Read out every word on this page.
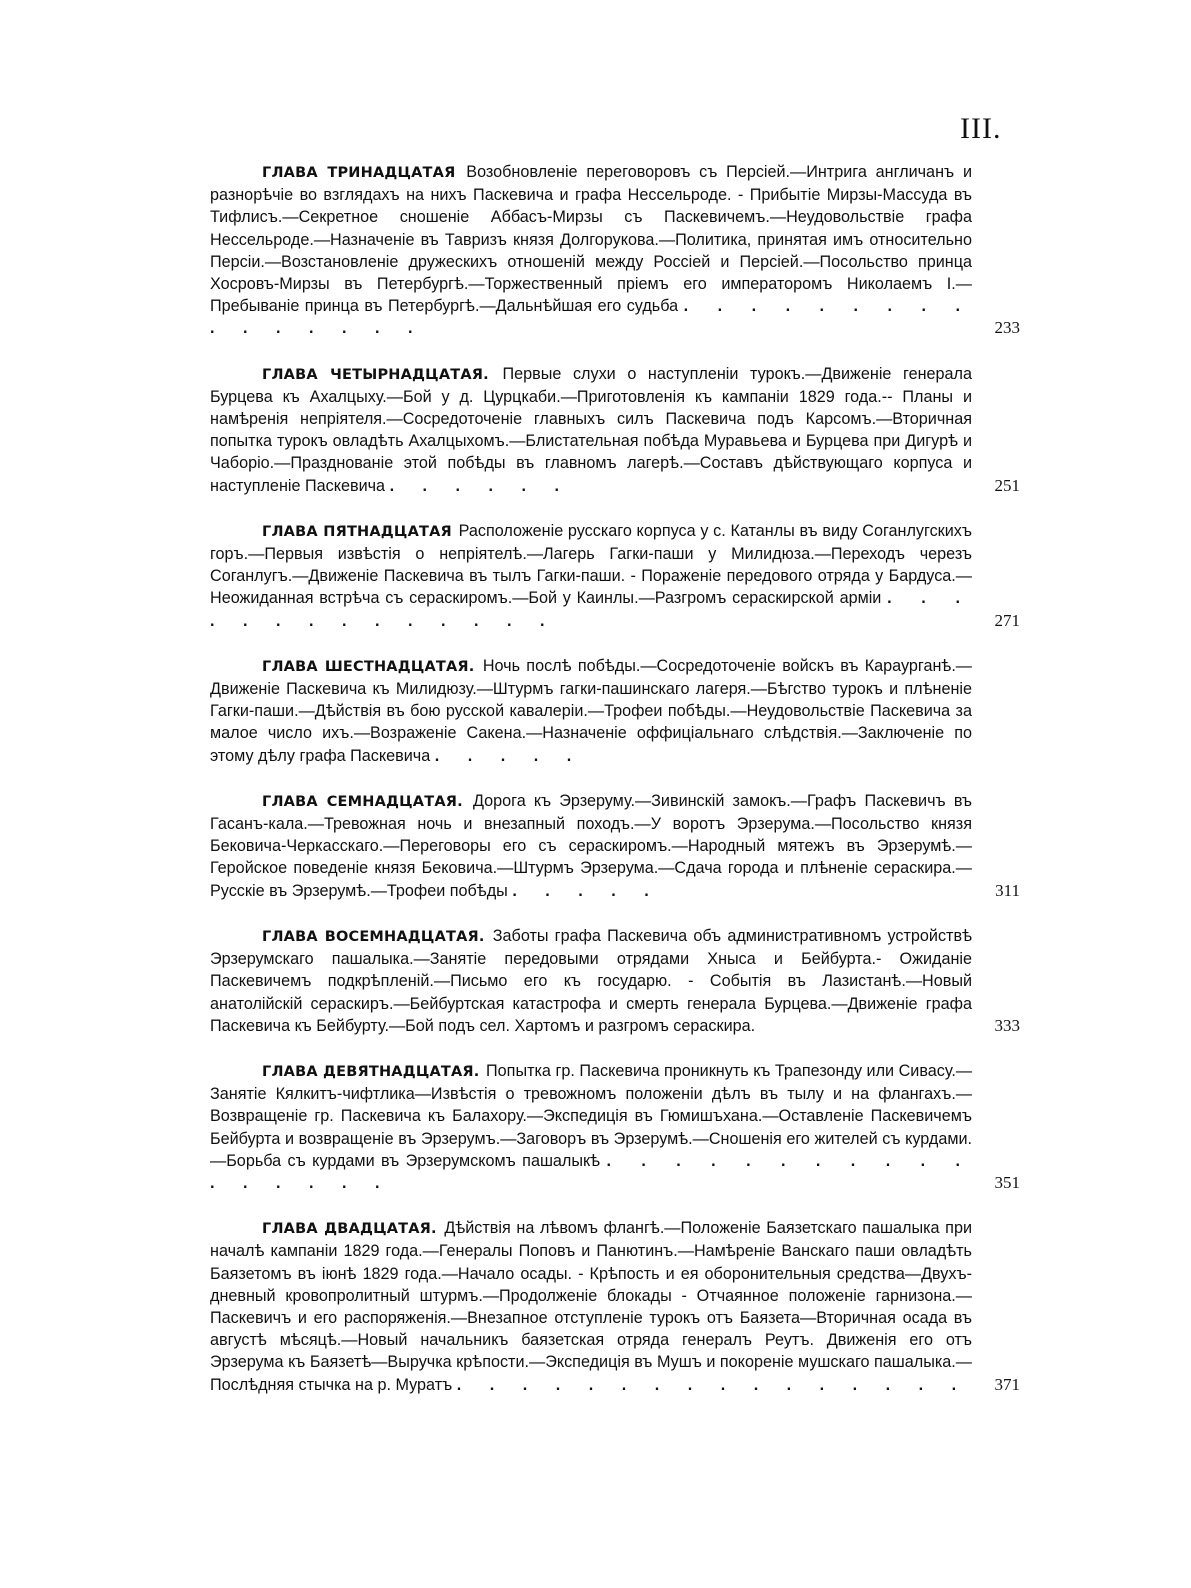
III.

ГЛАВА ТРИНАДЦАТАЯ Возобновленіе переговоровъ съ Персіей.—Интрига англичанъ и разнорѣчіе во взглядахъ на нихъ Паскевича и графа Нессельроде. - Прибытіе Мирзы-Массуда въ Тифлисъ.—Секретное сношеніе Аббасъ-Мирзы съ Паскевичемъ.—Неудовольствіе графа Нессельроде.—Назначеніе въ Тавризъ князя Долгорукова.—Политика, принятая имъ относительно Персіи.—Возстановленіе дружескихъ отношеній между Россіей и Персіей.—Посольство принца Хосровъ-Мирзы въ Петербургѣ.—Торжественный пріемъ его императоромъ Николаемъ I.—Пребываніе принца въ Петербургѣ.—Дальнѣйшая его судьба . . . . . . . . . . . . . . . .	233

ГЛАВА ЧЕТЫРНАДЦАТАЯ. Первые слухи о наступленіи турокъ.—Движеніе генерала Бурцева къ Ахалцыху.—Бой у д. Цурцкаби.—Приготовленія къ кампаніи 1829 года.-- Планы и намѣренія непріятеля.—Сосредоточеніе главныхъ силъ Паскевича подъ Карсомъ.—Вторичная попытка турокъ овладѣть Ахалцыхомъ.—Блистательная побѣда Муравьева и Бурцева при Дигурѣ и Чаборіо.—Празднованіе этой побѣды въ главномъ лагерѣ.—Составъ дѣйствующаго корпуса и наступленіе Паскевича . . . . . .	251

ГЛАВА ПЯТНАДЦАТАЯ Расположеніе русскаго корпуса у с. Катанлы въ виду Соганлугскихъ горъ.—Первыя извѣстія о непріятелѣ.—Лагерь Гагки-паши у Милидюза.—Переходъ черезъ Соганлугъ.—Движеніе Паскевича въ тылъ Гагки-паши. - Пораженіе передового отряда у Бардуса.—Неожиданная встрѣча съ сераскиромъ.—Бой у Каинлы.—Разгромъ сераскирской арміи . . . . . . . . . . . . . .	271

ГЛАВА ШЕСТНАДЦАТАЯ. Ночь послѣ побѣды.—Сосредоточеніе войскъ въ Караурганѣ.—Движеніе Паскевича къ Милидюзу.—Штурмъ гагки-пашинскаго лагеря.—Бѣгство турокъ и плѣненіе Гагки-паши.—Дѣйствія въ бою русской кавалеріи.—Трофеи побѣды.—Неудовольствіе Паскевича за малое число ихъ.—Возраженіе Сакена.—Назначеніе оффиціальнаго слѣдствія.—Заключеніе по этому дѣлу графа Паскевича . . . . .

ГЛАВА СЕМНАДЦАТАЯ. Дорога къ Эрзеруму.—Зивинскій замокъ.—Графъ Паскевичъ въ Гасанъ-кала.—Тревожная ночь и внезапный походъ.—У воротъ Эрзерума.—Посольство князя Бековича-Черкасскаго.—Переговоры его съ сераскиромъ.—Народный мятежъ въ Эрзерумѣ.—Геройское поведеніе князя Бековича.—Штурмъ Эрзерума.—Сдача города и плѣненіе сераскира.—Русскіе въ Эрзерумѣ.—Трофеи побѣды . . . . .	311

ГЛАВА ВОСЕМНАДЦАТАЯ. Заботы графа Паскевича объ административномъ устройствѣ Эрзерумскаго пашалыка.—Занятіе передовыми отрядами Хныса и Бейбурта.- Ожиданіе Паскевичемъ подкрѣпленій.—Письмо его къ государю. - Событія въ Лазистанѣ.—Новый анатолійскій сераскиръ.—Бейбуртская катастрофа и смерть генерала Бурцева.—Движеніе графа Паскевича къ Бейбурту.—Бой подъ сел. Хартомъ и разгромъ сераскира.	333

ГЛАВА ДЕВЯТНАДЦАТАЯ. Попытка гр. Паскевича проникнуть къ Трапезонду или Сивасу.—Занятіе Кялкитъ-чифтлика—Извѣстія о тревожномъ положеніи дѣлъ въ тылу и на флангахъ.—Возвращеніе гр. Паскевича къ Балахору.—Экспедиція въ Гюмишъхана.—Оставленіе Паскевичемъ Бейбурта и возвращеніе въ Эрзерумъ.—Заговоръ въ Эрзерумѣ.—Сношенія его жителей съ курдами.—Борьба съ курдами въ Эрзерумскомъ пашалыкѣ . . . . . . . . . . . . . . . . .	351

ГЛАВА ДВАДЦАТАЯ. Дѣйствія на лѣвомъ флангѣ.—Положеніе Баязетскаго пашалыка при началѣ кампаніи 1829 года.—Генералы Поповъ и Панютинъ.—Намѣреніе Ванскаго паши овладѣть Баязетомъ въ іюнѣ 1829 года.—Начало осады. - Крѣпость и ея оборонительныя средства—Двухъ-дневный кровопролитный штурмъ.—Продолженіе блокады - Отчаянное положеніе гарнизона.—Паскевичъ и его распоряженія.—Внезапное отступленіе турокъ отъ Баязета—Вторичная осада въ августѣ мѣсяцѣ.—Новый начальникъ баязетская отряда генералъ Реутъ. Движенія его отъ Эрзерума къ Баязетѣ—Выручка крѣпости.—Экспедиція въ Мушъ и покореніе мушскаго пашалыка.—Послѣдняя стычка на р. Муратъ . . . . . . . . . . . . . . . . 371
